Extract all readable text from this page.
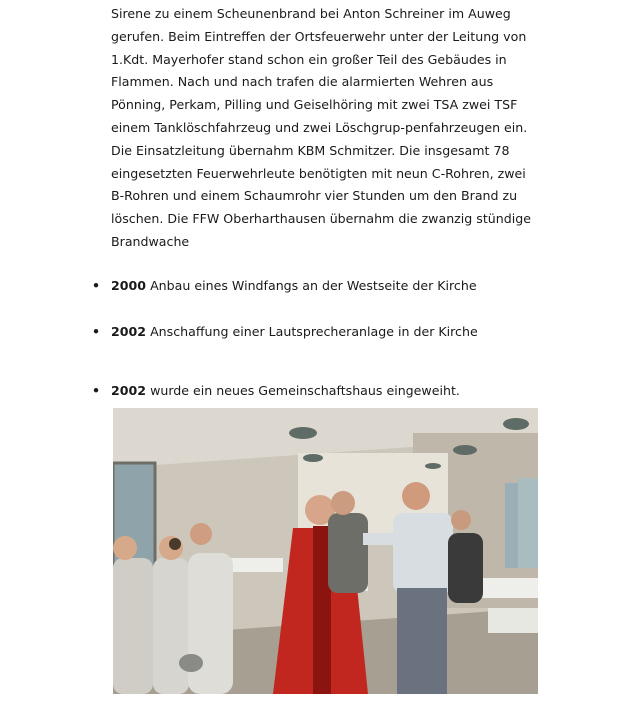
Sirene zu einem Scheunenbrand bei Anton Schreiner im Auweg
gerufen. Beim Eintreffen der Ortsfeuerwehr unter der Leitung von
1.Kdt. Mayerhofer stand schon ein großer Teil des Gebäudes in
Flammen. Nach und nach trafen die alarmierten Wehren aus
Pönning, Perkam, Pilling und Geiselhöring mit zwei TSA zwei TSF
einem Tanklöschfahrzeug und zwei Löschgrup-penfahrzeugen ein.
Die Einsatzleitung übernahm KBM Schmitzer. Die insgesamt 78
eingesetzten Feuerwehrleute benötigten mit neun C-Rohren, zwei
B-Rohren und einem Schaumrohr vier Stunden um den Brand zu
löschen. Die FFW Oberharthausen übernahm die zwanzig stündige
Brandwache
• 2000 Anbau eines Windfangs an der Westseite der Kirche
• 2002 Anschaffung einer Lautsprecheranlage in der Kirche
• 2002 wurde ein neues Gemeinschaftshaus eingeweiht.
